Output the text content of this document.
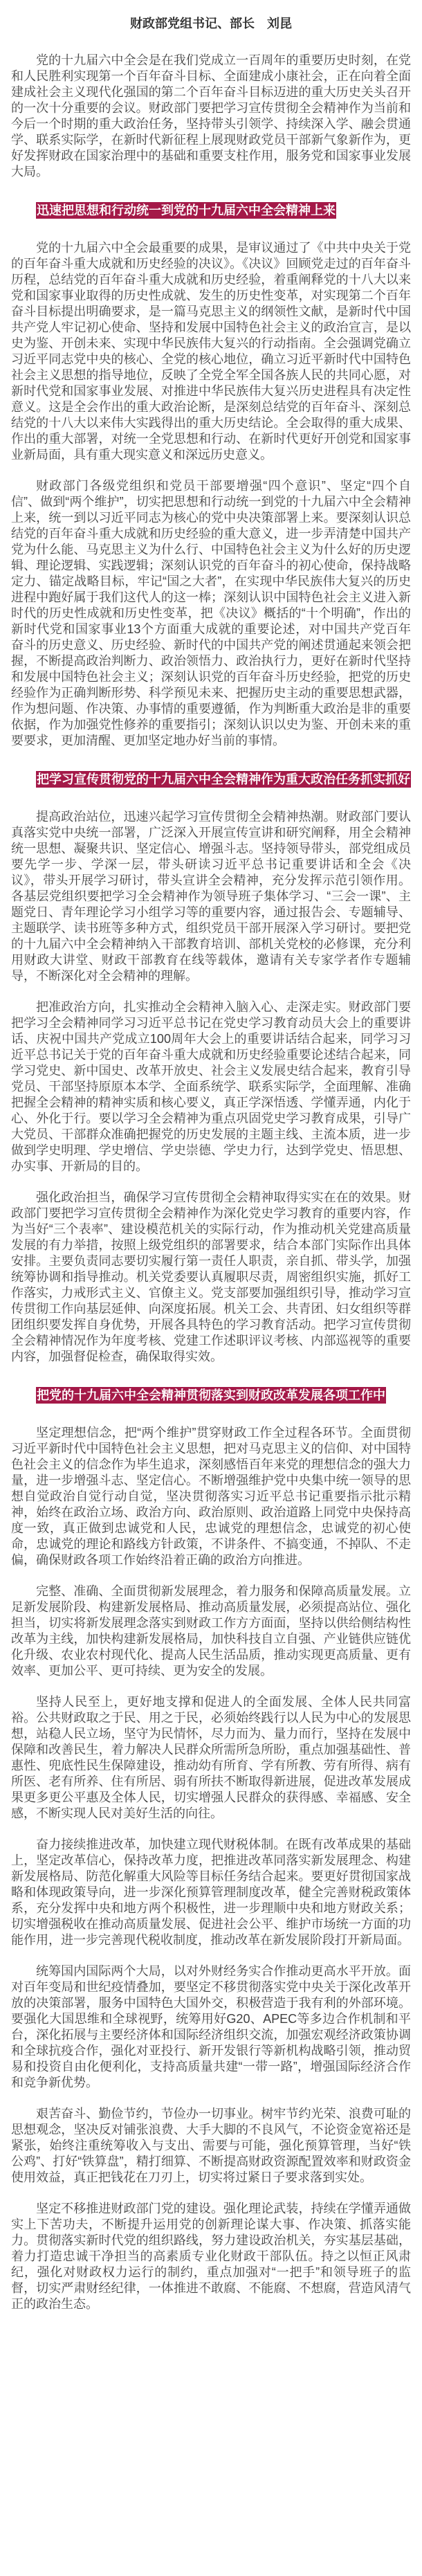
财政部党组书记、部长　刘昆

党的十九届六中全会是在我们党成立一百周年的重要历史时刻，在党和人民胜利实现第一个百年奋斗目标、全面建成小康社会，正在向着全面建成社会主义现代化强国的第二个百年奋斗目标迈进的重大历史关头召开的一次十分重要的会议。财政部门要把学习宣传贯彻全会精神作为当前和今后一个时期的重大政治任务，坚持带头引领学、持续深入学、融会贯通学、联系实际学，在新时代新征程上展现财政党员干部新气象新作为，更好发挥财政在国家治理中的基础和重要支柱作用，服务党和国家事业发展大局。

迅速把思想和行动统一到党的十九届六中全会精神上来

党的十九届六中全会最重要的成果，是审议通过了《中共中央关于党的百年奋斗重大成就和历史经验的决议》。《决议》回顾党走过的百年奋斗历程，总结党的百年奋斗重大成就和历史经验，着重阐释党的十八大以来党和国家事业取得的历史性成就、发生的历史性变革，对实现第二个百年奋斗目标提出明确要求，是一篇马克思主义的纲领性文献，是新时代中国共产党人牢记初心使命、坚持和发展中国特色社会主义的政治宣言，是以史为鉴、开创未来、实现中华民族伟大复兴的行动指南。全会强调党确立习近平同志党中央的核心、全党的核心地位，确立习近平新时代中国特色社会主义思想的指导地位，反映了全党全军全国各族人民的共同心愿，对新时代党和国家事业发展、对推进中华民族伟大复兴历史进程具有决定性意义。这是全会作出的重大政治论断，是深刻总结党的百年奋斗、深刻总结党的十八大以来伟大实践得出的重大历史结论。全会取得的重大成果、作出的重大部署，对统一全党思想和行动、在新时代更好开创党和国家事业新局面，具有重大现实意义和深远历史意义。

财政部门各级党组织和党员干部要增强“四个意识”、坚定“四个自信”、做到“两个维护”，切实把思想和行动统一到党的十九届六中全会精神上来，统一到以习近平同志为核心的党中央决策部署上来。要深刻认识总结党的百年奋斗重大成就和历史经验的重大意义，进一步弄清楚中国共产党为什么能、马克思主义为什么行、中国特色社会主义为什么好的历史逻辑、理论逻辑、实践逻辑；深刻认识党的百年奋斗的初心使命，保持战略定力、锚定战略目标，牢记“国之大者”，在实现中华民族伟大复兴的历史进程中跑好属于我们这代人的这一棒；深刻认识中国特色社会主义进入新时代的历史性成就和历史性变革，把《决议》概括的“十个明确”，作出的新时代党和国家事业13个方面重大成就的重要论述，对中国共产党百年奋斗的历史意义、历史经验、新时代的中国共产党的阐述贯通起来领会把握，不断提高政治判断力、政治领悟力、政治执行力，更好在新时代坚持和发展中国特色社会主义；深刻认识党的百年奋斗历史经验，把党的历史经验作为正确判断形势、科学预见未来、把握历史主动的重要思想武器，作为想问题、作决策、办事情的重要遵循，作为判断重大政治是非的重要依据，作为加强党性修养的重要指引；深刻认识以史为鉴、开创未来的重要要求，更加清醒、更加坚定地办好当前的事情。

把学习宣传贯彻党的十九届六中全会精神作为重大政治任务抓实抓好

提高政治站位，迅速兴起学习宣传贯彻全会精神热潮。财政部门要认真落实党中央统一部署，广泛深入开展宣传宣讲和研究阐释，用全会精神统一思想、凝聚共识、坚定信心、增强斗志。坚持领导带头，部党组成员要先学一步、学深一层，带头研读习近平总书记重要讲话和全会《决议》，带头开展学习研讨，带头宣讲全会精神，充分发挥示范引领作用。各基层党组织要把学习全会精神作为领导班子集体学习、“三会一课”、主题党日、青年理论学习小组学习等的重要内容，通过报告会、专题辅导、主题联学、读书班等多种方式，组织党员干部开展深入学习研讨。要把党的十九届六中全会精神纳入干部教育培训、部机关党校的必修课，充分利用财政大讲堂、财政干部教育在线等载体，邀请有关专家学者作专题辅导，不断深化对全会精神的理解。

把准政治方向，扎实推动全会精神入脑入心、走深走实。财政部门要把学习全会精神同学习习近平总书记在党史学习教育动员大会上的重要讲话、庆祝中国共产党成立100周年大会上的重要讲话结合起来，同学习习近平总书记关于党的百年奋斗重大成就和历史经验重要论述结合起来，同学习党史、新中国史、改革开放史、社会主义发展史结合起来，教育引导党员、干部坚持原原本本学、全面系统学、联系实际学，全面理解、准确把握全会精神的精神实质和核心要义，真正学深悟透、学懂弄通，内化于心、外化于行。要以学习全会精神为重点巩固党史学习教育成果，引导广大党员、干部群众准确把握党的历史发展的主题主线、主流本质，进一步做到学史明理、学史增信、学史崇德、学史力行，达到学党史、悟思想、办实事、开新局的目的。

强化政治担当，确保学习宣传贯彻全会精神取得实实在在的效果。财政部门要把学习宣传贯彻全会精神作为深化党史学习教育的重要内容，作为当好“三个表率”、建设模范机关的实际行动，作为推动机关党建高质量发展的有力举措，按照上级党组织的部署要求，结合本部门实际作出具体安排。主要负责同志要切实履行第一责任人职责，亲自抓、带头学，加强统筹协调和指导推动。机关党委要认真履职尽责，周密组织实施，抓好工作落实，力戒形式主义、官僚主义。党支部要加强组织引导，推动学习宣传贯彻工作向基层延伸、向深度拓展。机关工会、共青团、妇女组织等群团组织要发挥自身优势，开展各具特色的学习教育活动。把学习宣传贯彻全会精神情况作为年度考核、党建工作述职评议考核、内部巡视等的重要内容，加强督促检查，确保取得实效。

把党的十九届六中全会精神贯彻落实到财政改革发展各项工作中

坚定理想信念，把“两个维护”贯穿财政工作全过程各环节。全面贯彻习近平新时代中国特色社会主义思想，把对马克思主义的信仰、对中国特色社会主义的信念作为毕生追求，深刻感悟百年来党的理想信念的强大力量，进一步增强斗志、坚定信心。不断增强维护党中央集中统一领导的思想自觉政治自觉行动自觉，坚决贯彻落实习近平总书记重要指示批示精神，始终在政治立场、政治方向、政治原则、政治道路上同党中央保持高度一致，真正做到忠诚党和人民，忠诚党的理想信念，忠诚党的初心使命，忠诚党的理论和路线方针政策，不讲条件、不搞变通，不掉队、不走偏，确保财政各项工作始终沿着正确的政治方向推进。

完整、准确、全面贯彻新发展理念，着力服务和保障高质量发展。立足新发展阶段、构建新发展格局、推动高质量发展，必须提高站位、强化担当，切实将新发展理念落实到财政工作方方面面，坚持以供给侧结构性改革为主线，加快构建新发展格局，加快科技自立自强、产业链供应链优化升级、农业农村现代化、提高人民生活品质，推动实现更高质量、更有效率、更加公平、更可持续、更为安全的发展。

坚持人民至上，更好地支撑和促进人的全面发展、全体人民共同富裕。公共财政取之于民、用之于民，必须始终践行以人民为中心的发展思想，站稳人民立场，坚守为民情怀，尽力而为、量力而行，坚持在发展中保障和改善民生，着力解决人民群众所需所急所盼，重点加强基础性、普惠性、兜底性民生保障建设，推动幼有所育、学有所教、劳有所得、病有所医、老有所养、住有所居、弱有所扶不断取得新进展，促进改革发展成果更多更公平惠及全体人民，切实增强人民群众的获得感、幸福感、安全感，不断实现人民对美好生活的向往。

奋力接续推进改革，加快建立现代财税体制。在既有改革成果的基础上，坚定改革信心，保持改革力度，把推进改革同落实新发展理念、构建新发展格局、防范化解重大风险等目标任务结合起来。要更好贯彻国家战略和体现政策导向，进一步深化预算管理制度改革，健全完善财税政策体系，充分发挥中央和地方两个积极性，进一步理顺中央和地方财政关系；切实增强税收在推动高质量发展、促进社会公平、维护市场统一方面的功能作用，进一步完善现代税收制度，推动改革在新发展阶段打开新局面。

统筹国内国际两个大局，以对外财经务实合作推动更高水平开放。面对百年变局和世纪疫情叠加，要坚定不移贯彻落实党中央关于深化改革开放的决策部署，服务中国特色大国外交，积极营造于我有利的外部环境。要强化大国思维和全球视野，统筹用好G20、APEC等多边合作机制和平台，深化拓展与主要经济体和国际经济组织交流，加强宏观经济政策协调和全球抗疫合作，强化对亚投行、新开发银行等新机构战略引领，推动贸易和投资自由化便利化，支持高质量共建“一带一路”，增强国际经济合作和竞争新优势。

艰苦奋斗、勤俭节约，节俭办一切事业。树牢节约光荣、浪费可耻的思想观念，坚决反对铺张浪费、大手大脚的不良风气，不论资金宽裕还是紧张，始终注重统筹收入与支出、需要与可能，强化预算管理，当好“铁公鸡”、打好“铁算盘”，精打细算、不断提高财政资源配置效率和财政资金使用效益，真正把钱花在刀刃上，切实将过紧日子要求落到实处。

坚定不移推进财政部门党的建设。强化理论武装，持续在学懂弄通做实上下苦功夫，不断提升运用党的创新理论谋大事、作决策、抓落实能力。贯彻落实新时代党的组织路线，努力建设政治机关，夯实基层基础，着力打造忠诚干净担当的高素质专业化财政干部队伍。持之以恒正风肃纪，强化对财政权力运行的制约，重点加强对“一把手”和领导班子的监督，切实严肃财经纪律，一体推进不敢腐、不能腐、不想腐，营造风清气正的政治生态。
